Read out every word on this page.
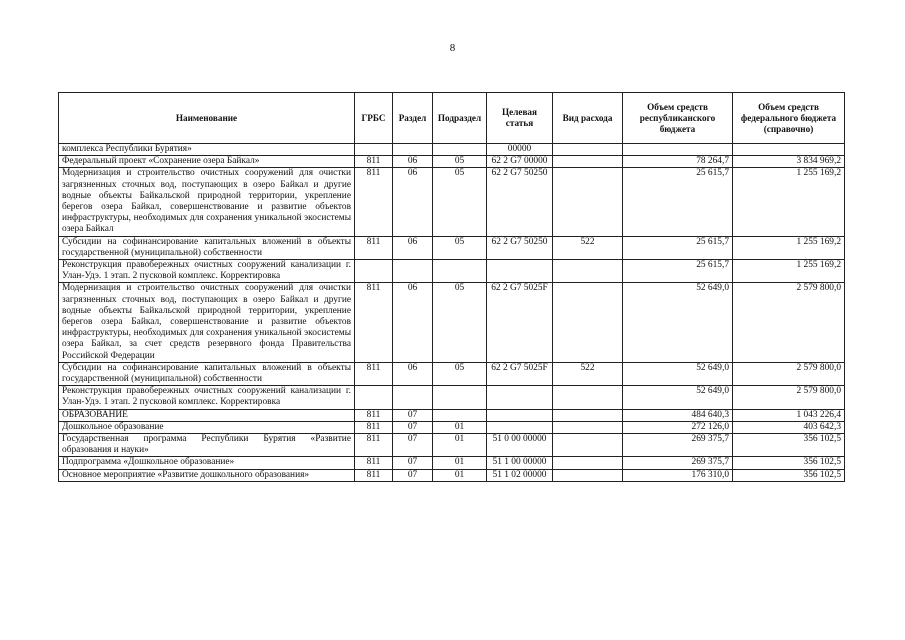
8
Наименование	ГРБС	Раздел	Подраздел	Целевая статья	Вид расхода	Объем средств республиканского бюджета	Объем средств федерального бюджета (справочно)
комплекса Республики Бурятия»				00000			
Федеральный проект «Сохранение озера Байкал»	811	06	05	62 2 G7 00000		78 264,7	3 834 969,2
Модернизация и строительство очистных сооружений для очистки загрязненных сточных вод, поступающих в озеро Байкал и другие водные объекты Байкальской природной территории, укрепление берегов озера Байкал, совершенствование и развитие объектов инфраструктуры, необходимых для сохранения уникальной экосистемы озера Байкал	811	06	05	62 2 G7 50250		25 615,7	1 255 169,2
Субсидии на софинансирование капитальных вложений в объекты государственной (муниципальной) собственности	811	06	05	62 2 G7 50250	522	25 615,7	1 255 169,2
Реконструкция правобережных очистных сооружений канализации г. Улан-Удэ. 1 этап. 2 пусковой комплекс. Корректировка						25 615,7	1 255 169,2
Модернизация и строительство очистных сооружений для очистки загрязненных сточных вод, поступающих в озеро Байкал и другие водные объекты Байкальской природной территории, укрепление берегов озера Байкал, совершенствование и развитие объектов инфраструктуры, необходимых для сохранения уникальной экосистемы озера Байкал, за счет средств резервного фонда Правительства Российской Федерации	811	06	05	62 2 G7 5025F		52 649,0	2 579 800,0
Субсидии на софинансирование капитальных вложений в объекты государственной (муниципальной) собственности	811	06	05	62 2 G7 5025F	522	52 649,0	2 579 800,0
Реконструкция правобережных очистных сооружений канализации г. Улан-Удэ. 1 этап. 2 пусковой комплекс. Корректировка						52 649,0	2 579 800,0
ОБРАЗОВАНИЕ	811	07				484 640,3	1 043 226,4
Дошкольное образование	811	07	01			272 126,0	403 642,3
Государственная программа Республики Бурятия «Развитие образования и науки»	811	07	01	51 0 00 00000		269 375,7	356 102,5
Подпрограмма «Дошкольное образование»	811	07	01	51 1 00 00000		269 375,7	356 102,5
Основное мероприятие «Развитие дошкольного образования»	811	07	01	51 1 02 00000		176 310,0	356 102,5
